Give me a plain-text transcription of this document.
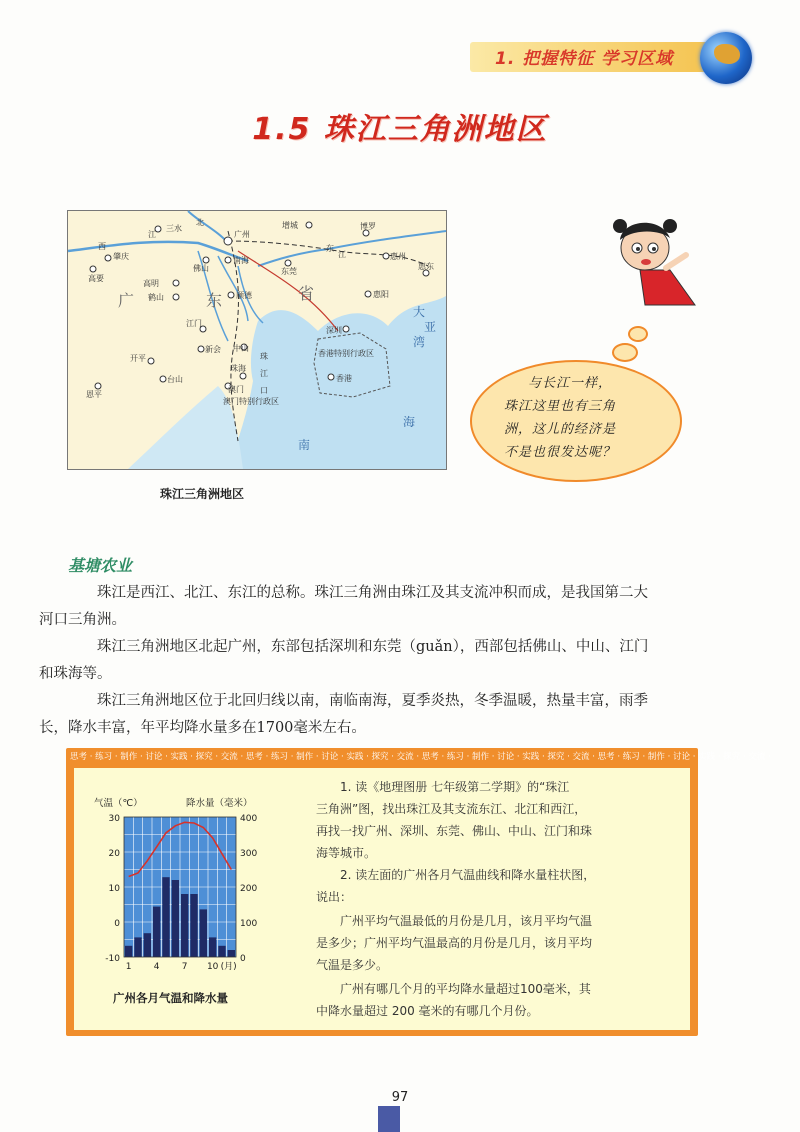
1. 把握特征 学习区域
1.5 珠江三角洲地区
增城	博罗
三水
广州
肇庆
佛山
南海
高要
东莞
惠州
惠东
高明
鹤山	顺德	惠阳
江门
深圳
新会 中山
开平
台山
恩平
珠海
香港
澳门
香港特别行政区
澳门特别行政区
广	东	省
西
北
江
东
江
珠
江
口
大
亚
湾
南
海
珠江三角洲地区
与长江一样，
珠江这里也有三角
洲，这儿的经济是
不是也很发达呢？
基塘农业
珠江是西江、北江、东江的总称。珠江三角洲由珠江及其支流冲积而成，是我国第二大
河口三角洲。
珠江三角洲地区北起广州，东部包括深圳和东莞（guǎn），西部包括佛山、中山、江门
和珠海等。
珠江三角洲地区位于北回归线以南，南临南海，夏季炎热，冬季温暖，热量丰富，雨季
长，降水丰富，年平均降水量多在1700毫米左右。
思考 · 练习 · 制作 · 讨论 · 实践 · 探究 · 交流 · 思考 · 练习 · 制作 · 讨论 · 实践 · 探究 · 交流 · 思考 · 练习 · 制作 · 讨论 · 实践 · 探究 · 交流 · 思考 · 练习 · 制作 · 讨论 · 实践 · 探究 · 交流 ·
30
20
10
0
-10
400
300
200
100
0
气温（℃）	降水量（毫米）
1 4 7 10 (月)
广州各月气温和降水量
1. 读《地理图册 七年级第二学期》的“珠江
三角洲”图，找出珠江及其支流东江、北江和西江，
再找一找广州、深圳、东莞、佛山、中山、江门和珠
海等城市。
2. 读左面的广州各月气温曲线和降水量柱状图，
说出：
广州平均气温最低的月份是几月，该月平均气温
是多少；广州平均气温最高的月份是几月，该月平均
气温是多少。
广州有哪几个月的平均降水量超过100毫米，其
中降水量超过 200 毫米的有哪几个月份。
97
